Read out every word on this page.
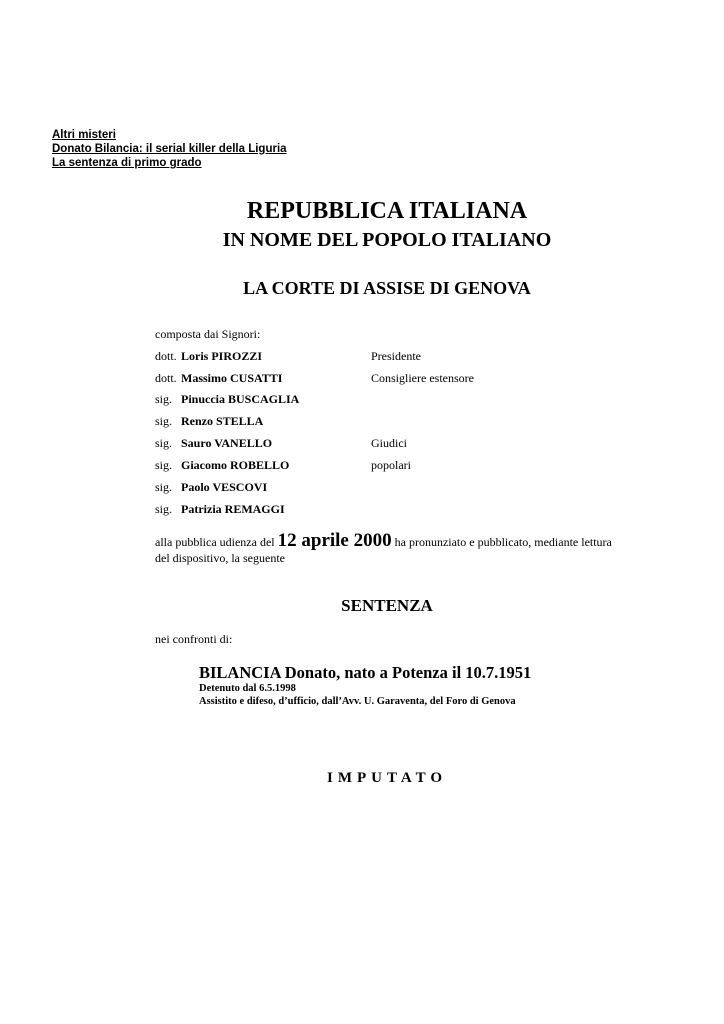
Altri misteri
Donato Bilancia: il serial killer della Liguria
La sentenza di primo grado
REPUBBLICA ITALIANA
IN NOME DEL POPOLO ITALIANO
LA CORTE DI ASSISE DI GENOVA
composta dai Signori:
dott. Loris PIROZZI	Presidente
dott. Massimo CUSATTI	Consigliere estensore
sig. Pinuccia BUSCAGLIA
sig. Renzo STELLA
sig. Sauro VANELLO	Giudici
sig. Giacomo ROBELLO	popolari
sig. Paolo VESCOVI
sig. Patrizia REMAGGI
alla pubblica udienza del 12 aprile 2000 ha pronunziato e pubblicato, mediante lettura del dispositivo, la seguente
SENTENZA
nei confronti di:
BILANCIA Donato, nato a Potenza il 10.7.1951
Detenuto dal 6.5.1998
Assistito e difeso, d’ufficio, dall’Avv. U. Garaventa, del Foro di Genova
IMPUTATO
